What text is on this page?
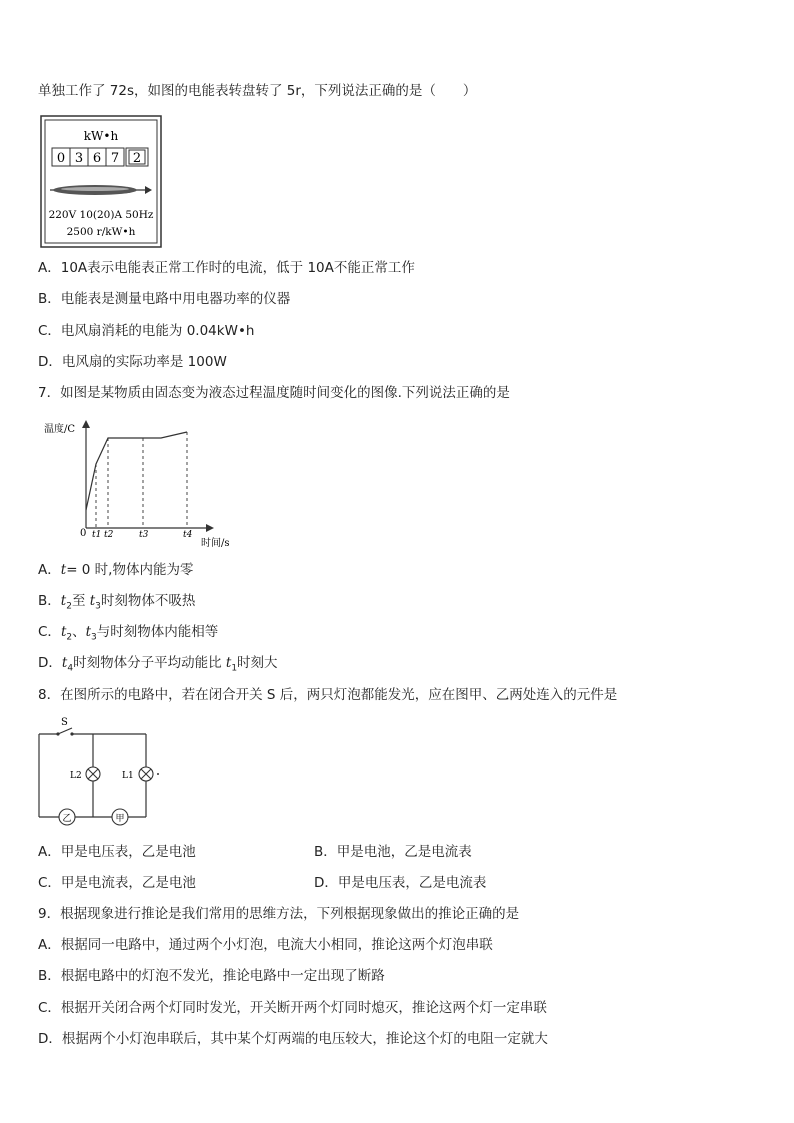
单独工作了 72s，如图的电能表转盘转了 5r，下列说法正确的是（　　）
kW•h
0 3 6 7 2
220V 10(20)A 50Hz
2500 r/kW•h
A．10A表示电能表正常工作时的电流，低于 10A不能正常工作
B．电能表是测量电路中用电器功率的仪器
C．电风扇消耗的电能为 0.04kW•h
D．电风扇的实际功率是 100W
7．如图是某物质由固态变为液态过程温度随时间变化的图像.下列说法正确的是
温度/C
0 t1 t2	t3	t4
时间/s
A．t= 0 时,物体内能为零
B．$t_2$至 $t_3$时刻物体不吸热
C．$t_2$、$t_3$与时刻物体内能相等
D．$t_4$时刻物体分子平均动能比 $t_1$时刻大
8．在图所示的电路中，若在闭合开关 S 后，两只灯泡都能发光，应在图甲、乙两处连入的元件是
S
L2	L1
乙	甲
A．甲是电压表，乙是电池	B．甲是电池，乙是电流表
C．甲是电流表，乙是电池	D．甲是电压表，乙是电流表
9．根据现象进行推论是我们常用的思维方法，下列根据现象做出的推论正确的是
A．根据同一电路中，通过两个小灯泡，电流大小相同，推论这两个灯泡串联
B．根据电路中的灯泡不发光，推论电路中一定出现了断路
C．根据开关闭合两个灯同时发光，开关断开两个灯同时熄灭，推论这两个灯一定串联
D．根据两个小灯泡串联后，其中某个灯两端的电压较大，推论这个灯的电阻一定就大
